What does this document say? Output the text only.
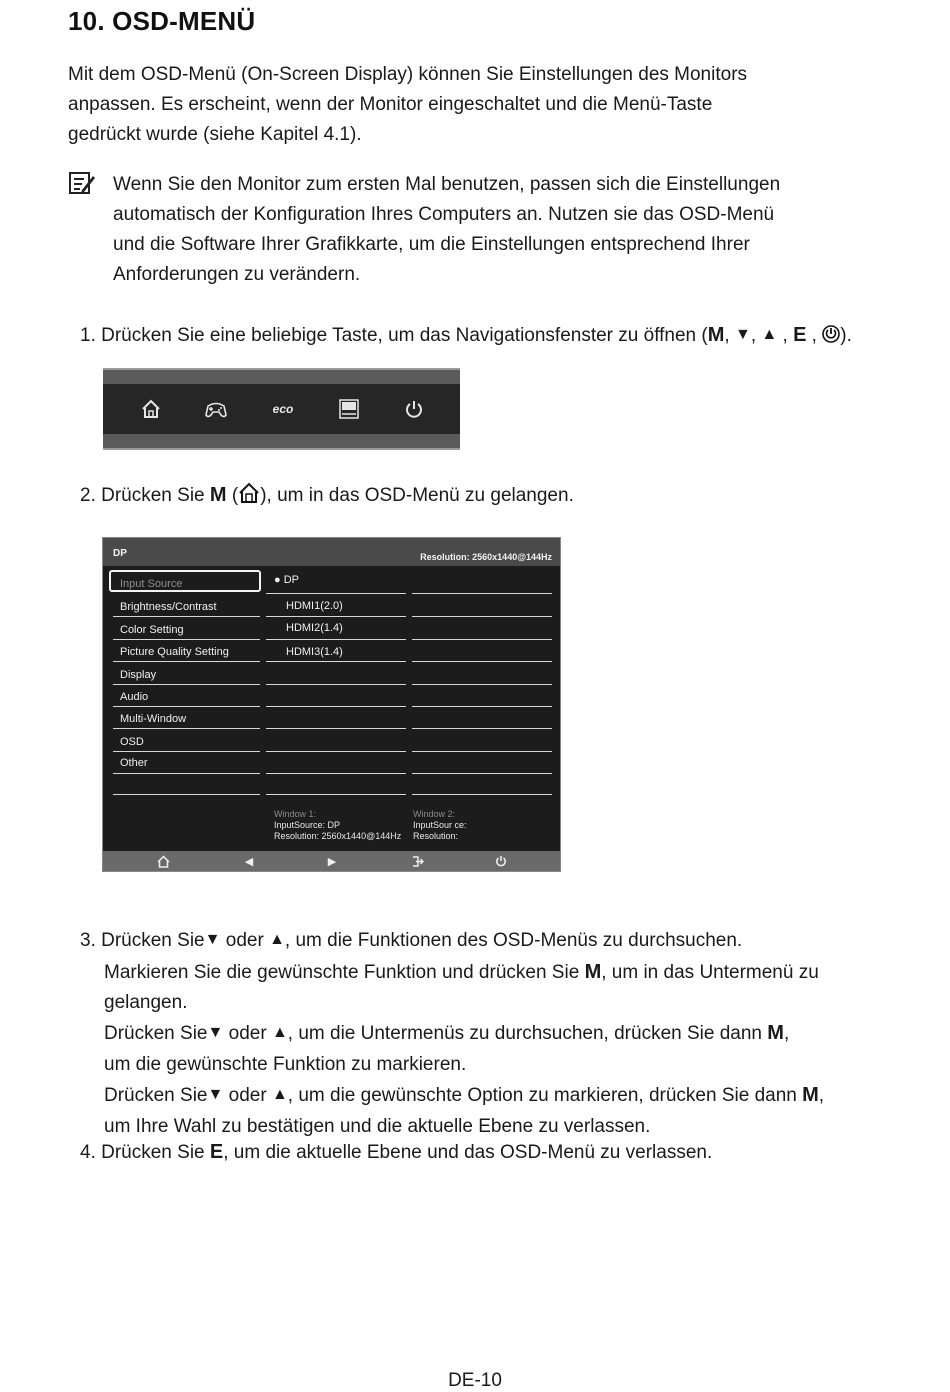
10. OSD-MENÜ
Mit dem OSD-Menü (On-Screen Display) können Sie Einstellungen des Monitors
anpassen. Es erscheint, wenn der Monitor eingeschaltet und die Menü-Taste
gedrückt wurde (siehe Kapitel 4.1).
Wenn Sie den Monitor zum ersten Mal benutzen, passen sich die Einstellungen
automatisch der Konfiguration Ihres Computers an. Nutzen sie das OSD-Menü
und die Software Ihrer Grafikkarte, um die Einstellungen entsprechend Ihrer
Anforderungen zu verändern.
1. Drücken Sie eine beliebige Taste, um das Navigationsfenster zu öffnen (M, ▼, ▲ , E , ).
eco
2. Drücken Sie M ( ), um in das OSD-Menü zu gelangen.
DP	Resolution: 2560x1440@144Hz
Input Source
Brightness/Contrast
Color Setting
Picture Quality Setting
Display
Audio
Multi-Window
OSD
Other
● DP
HDMI1(2.0)
HDMI2(1.4)
HDMI3(1.4)
Window 1:
InputSource: DP
Resolution: 2560x1440@144Hz
Window 2:
InputSour ce:
Resolution:
◀	▶
3. Drücken Sie▼ oder ▲, um die Funktionen des OSD-Menüs zu durchsuchen.
Markieren Sie die gewünschte Funktion und drücken Sie M, um in das Untermenü zu
gelangen.
Drücken Sie▼ oder ▲, um die Untermenüs zu durchsuchen, drücken Sie dann M,
um die gewünschte Funktion zu markieren.
Drücken Sie▼ oder ▲, um die gewünschte Option zu markieren, drücken Sie dann M,
um Ihre Wahl zu bestätigen und die aktuelle Ebene zu verlassen.
4. Drücken Sie E, um die aktuelle Ebene und das OSD-Menü zu verlassen.
DE-10
